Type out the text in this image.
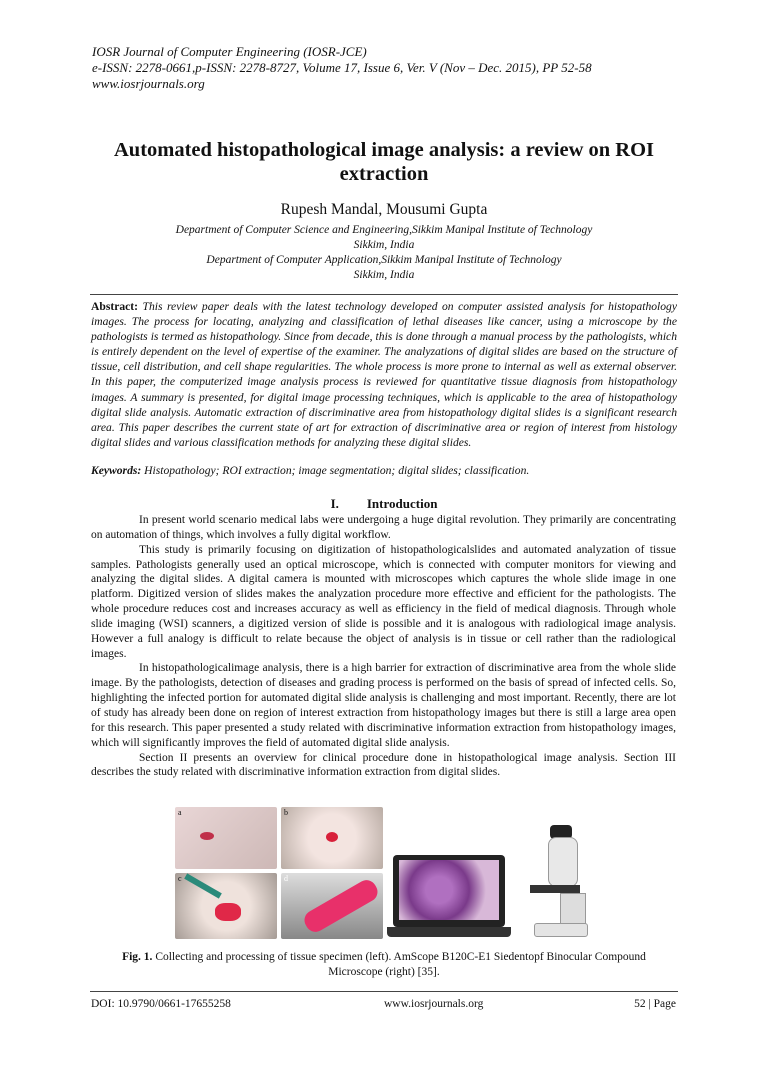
IOSR Journal of Computer Engineering (IOSR-JCE)
e-ISSN: 2278-0661,p-ISSN: 2278-8727, Volume 17, Issue 6, Ver. V (Nov – Dec. 2015), PP 52-58
www.iosrjournals.org
Automated histopathological image analysis: a review on ROI extraction
Rupesh Mandal, Mousumi Gupta
Department of Computer Science and Engineering,Sikkim Manipal Institute of Technology
Sikkim, India
Department of Computer Application,Sikkim Manipal Institute of Technology
Sikkim, India
Abstract: This review paper deals with the latest technology developed on computer assisted analysis for histopathology images. The process for locating, analyzing and classification of lethal diseases like cancer, using a microscope by the pathologists is termed as histopathology. Since from decade, this is done through a manual process by the pathologists, which is entirely dependent on the level of expertise of the examiner. The analyzations of digital slides are based on the structure of tissue, cell distribution, and cell shape regularities. The whole process is more prone to internal as well as external observer. In this paper, the computerized image analysis process is reviewed for quantitative tissue diagnosis from histopathology images. A summary is presented, for digital image processing techniques, which is applicable to the area of histopathology digital slide analysis. Automatic extraction of discriminative area from histopathology digital slides is a significant research area. This paper describes the current state of art for extraction of discriminative area or region of interest from histology digital slides and various classification methods for analyzing these digital slides.
Keywords: Histopathology; ROI extraction; image segmentation; digital slides; classification.
I. Introduction

In present world scenario medical labs were undergoing a huge digital revolution. They primarily are concentrating on automation of things, which involves a fully digital workflow.

This study is primarily focusing on digitization of histopathologicalslides and automated analyzation of tissue samples. Pathologists generally used an optical microscope, which is connected with computer monitors for viewing and analyzing the digital slides. A digital camera is mounted with microscopes which captures the whole slide image in one platform. Digitized version of slides makes the analyzation procedure more effective and efficient for the pathologists. The whole procedure reduces cost and increases accuracy as well as efficiency in the field of medical diagnosis. Through whole slide imaging (WSI) scanners, a digitized version of slide is possible and it is analogous with radiological image analysis. However a full analogy is difficult to relate because the object of analysis is in tissue or cell rather than the radiological images.

In histopathologicalimage analysis, there is a high barrier for extraction of discriminative area from the whole slide image. By the pathologists, detection of diseases and grading process is performed on the basis of spread of infected cells. So, highlighting the infected portion for automated digital slide analysis is challenging and most important. Recently, there are lot of study has already been done on region of interest extraction from histopathology images but there is still a large area open for this research. This paper presented a study related with discriminative information extraction from histopathology images, which will significantly improves the field of automated digital slide analysis.

Section II presents an overview for clinical procedure done in histopathological image analysis. Section III describes the study related with discriminative information extraction from digital slides.

a	b
c	d
Fig. 1. Collecting and processing of tissue specimen (left). AmScope B120C-E1 Siedentopf Binocular Compound Microscope (right) [35].
DOI: 10.9790/0661-17655258	www.iosrjournals.org	52 | Page
